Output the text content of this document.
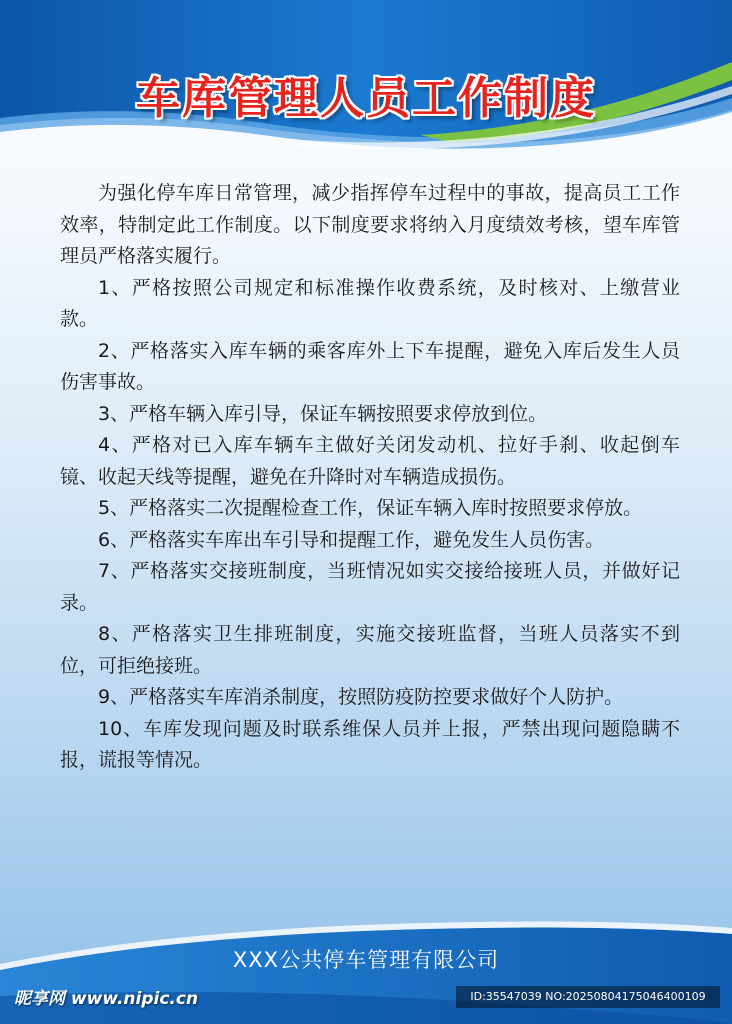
车库管理人员工作制度

为强化停车库日常管理，减少指挥停车过程中的事故，提高员工工作效率，特制定此工作制度。以下制度要求将纳入月度绩效考核，望车库管理员严格落实履行。

1、严格按照公司规定和标准操作收费系统，及时核对、上缴营业款。

2、严格落实入库车辆的乘客库外上下车提醒，避免入库后发生人员伤害事故。

3、严格车辆入库引导，保证车辆按照要求停放到位。

4、严格对已入库车辆车主做好关闭发动机、拉好手刹、收起倒车镜、收起天线等提醒，避免在升降时对车辆造成损伤。

5、严格落实二次提醒检查工作，保证车辆入库时按照要求停放。

6、严格落实车库出车引导和提醒工作，避免发生人员伤害。

7、严格落实交接班制度，当班情况如实交接给接班人员，并做好记录。

8、严格落实卫生排班制度，实施交接班监督，当班人员落实不到位，可拒绝接班。

9、严格落实车库消杀制度，按照防疫防控要求做好个人防护。

10、车库发现问题及时联系维保人员并上报，严禁出现问题隐瞒不报，谎报等情况。

XXX公共停车管理有限公司
昵享网 www.nipic.cn	ID:35547039 NO:20250804175046400109
